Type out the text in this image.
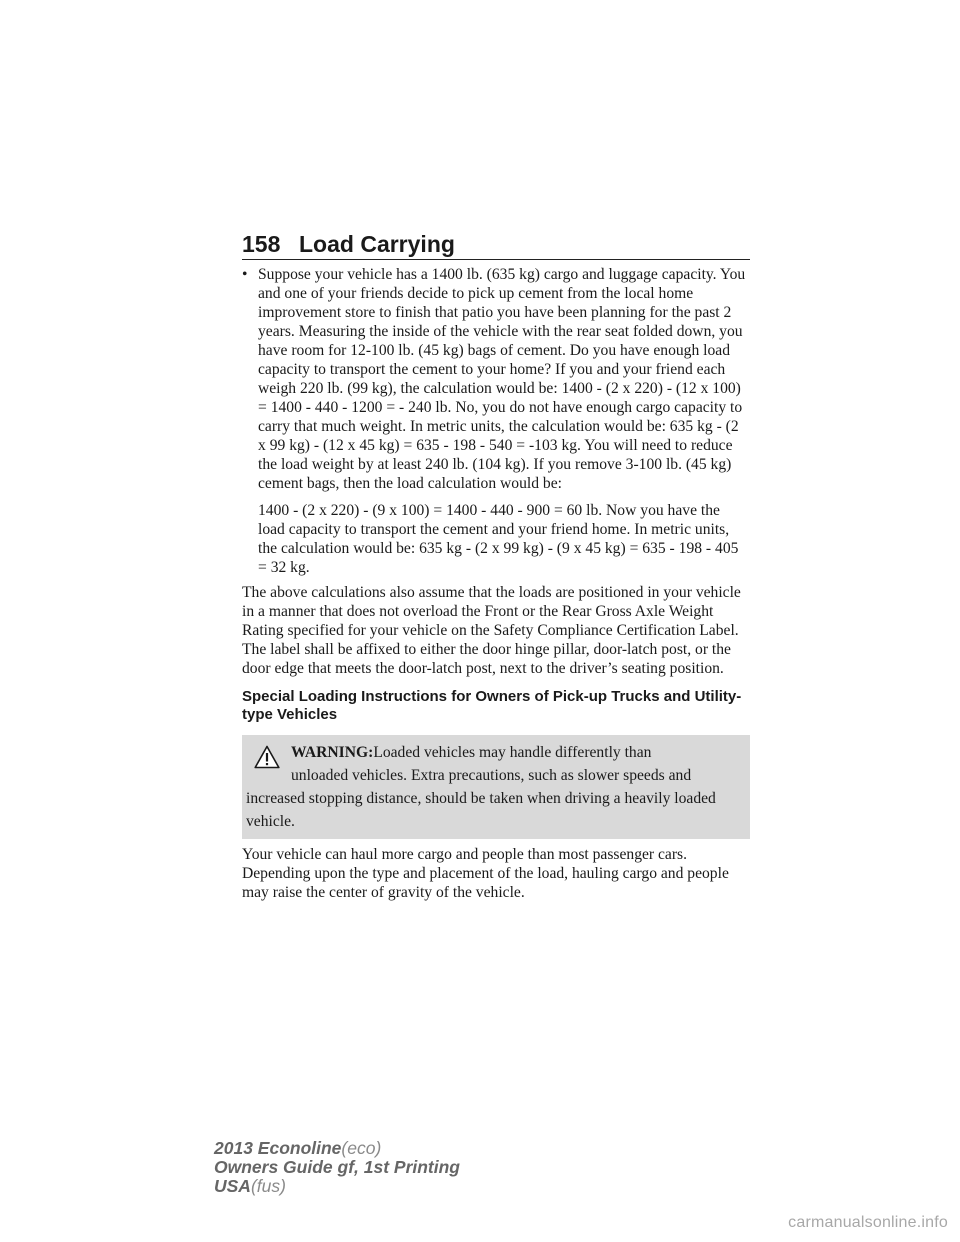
158 Load Carrying
• Suppose your vehicle has a 1400 lb. (635 kg) cargo and luggage capacity. You and one of your friends decide to pick up cement from the local home improvement store to finish that patio you have been planning for the past 2 years. Measuring the inside of the vehicle with the rear seat folded down, you have room for 12-100 lb. (45 kg) bags of cement. Do you have enough load capacity to transport the cement to your home? If you and your friend each weigh 220 lb. (99 kg), the calculation would be: 1400 - (2 x 220) - (12 x 100) = 1400 - 440 - 1200 = - 240 lb. No, you do not have enough cargo capacity to carry that much weight. In metric units, the calculation would be: 635 kg - (2 x 99 kg) - (12 x 45 kg) = 635 - 198 - 540 = -103 kg. You will need to reduce the load weight by at least 240 lb. (104 kg). If you remove 3-100 lb. (45 kg) cement bags, then the load calculation would be:
1400 - (2 x 220) - (9 x 100) = 1400 - 440 - 900 = 60 lb. Now you have the load capacity to transport the cement and your friend home. In metric units, the calculation would be: 635 kg - (2 x 99 kg) - (9 x 45 kg) = 635 - 198 - 405 = 32 kg.
The above calculations also assume that the loads are positioned in your vehicle in a manner that does not overload the Front or the Rear Gross Axle Weight Rating specified for your vehicle on the Safety Compliance Certification Label. The label shall be affixed to either the door hinge pillar, door-latch post, or the door edge that meets the door-latch post, next to the driver’s seating position.
Special Loading Instructions for Owners of Pick-up Trucks and Utility-type Vehicles
WARNING:Loaded vehicles may handle differently than
unloaded vehicles. Extra precautions, such as slower speeds and
increased stopping distance, should be taken when driving a heavily loaded vehicle.
Your vehicle can haul more cargo and people than most passenger cars. Depending upon the type and placement of the load, hauling cargo and people may raise the center of gravity of the vehicle.
2013 Econoline(eco)
Owners Guide gf, 1st Printing
USA(fus)
carmanualsonline.info
